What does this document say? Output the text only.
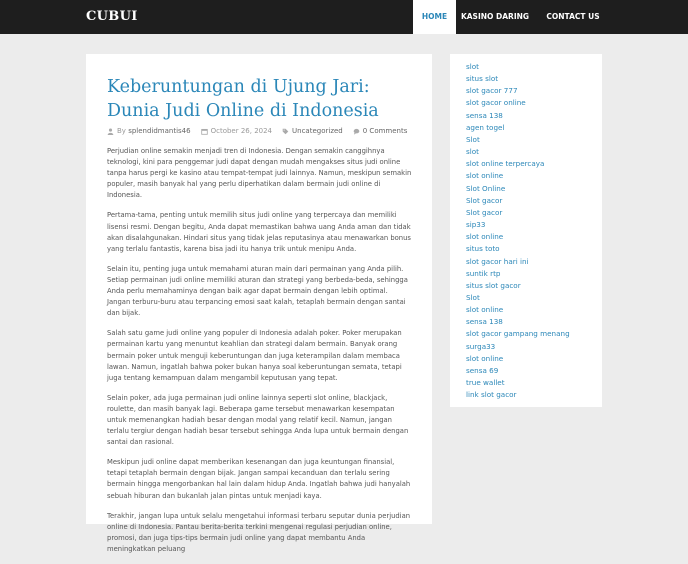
CUBUI	HOME	KASINO DARING	CONTACT US
Keberuntungan di Ujung Jari: Dunia Judi Online di Indonesia
By
splendidmantis46	October 26, 2024	Uncategorized	0 Comments

Perjudian online semakin menjadi tren di Indonesia. Dengan semakin canggihnya teknologi, kini para penggemar judi dapat dengan mudah mengakses situs judi online tanpa harus pergi ke kasino atau tempat-tempat judi lainnya. Namun, meskipun semakin populer, masih banyak hal yang perlu diperhatikan dalam bermain judi online di Indonesia.

Pertama-tama, penting untuk memilih situs judi online yang terpercaya dan memiliki lisensi resmi. Dengan begitu, Anda dapat memastikan bahwa uang Anda aman dan tidak akan disalahgunakan. Hindari situs yang tidak jelas reputasinya atau menawarkan bonus yang terlalu fantastis, karena bisa jadi itu hanya trik untuk menipu Anda.

Selain itu, penting juga untuk memahami aturan main dari permainan yang Anda pilih. Setiap permainan judi online memiliki aturan dan strategi yang berbeda-beda, sehingga Anda perlu memahaminya dengan baik agar dapat bermain dengan lebih optimal. Jangan terburu-buru atau terpancing emosi saat kalah, tetaplah bermain dengan santai dan bijak.

Salah satu game judi online yang populer di Indonesia adalah poker. Poker merupakan permainan kartu yang menuntut keahlian dan strategi dalam bermain. Banyak orang bermain poker untuk menguji keberuntungan dan juga keterampilan dalam membaca lawan. Namun, ingatlah bahwa poker bukan hanya soal keberuntungan semata, tetapi juga tentang kemampuan dalam mengambil keputusan yang tepat.

Selain poker, ada juga permainan judi online lainnya seperti slot online, blackjack, roulette, dan masih banyak lagi. Beberapa game tersebut menawarkan kesempatan untuk memenangkan hadiah besar dengan modal yang relatif kecil. Namun, jangan terlalu tergiur dengan hadiah besar tersebut sehingga Anda lupa untuk bermain dengan santai dan rasional.

Meskipun judi online dapat memberikan kesenangan dan juga keuntungan finansial, tetapi tetaplah bermain dengan bijak. Jangan sampai kecanduan dan terlalu sering bermain hingga mengorbankan hal lain dalam hidup Anda. Ingatlah bahwa judi hanyalah sebuah hiburan dan bukanlah jalan pintas untuk menjadi kaya.

Terakhir, jangan lupa untuk selalu mengetahui informasi terbaru seputar dunia perjudian online di Indonesia. Pantau berita-berita terkini mengenai regulasi perjudian online, promosi, dan juga tips-tips bermain judi online yang dapat membantu Anda meningkatkan peluang

slot
situs slot
slot gacor 777
slot gacor online
sensa 138
agen togel
Slot
slot
slot online terpercaya
slot online
Slot Online
Slot gacor
Slot gacor
sip33
slot online
situs toto
slot gacor hari ini
suntik rtp
situs slot gacor
Slot
slot online
sensa 138
slot gacor gampang menang
surga33
slot online
sensa 69
true wallet
link slot gacor
